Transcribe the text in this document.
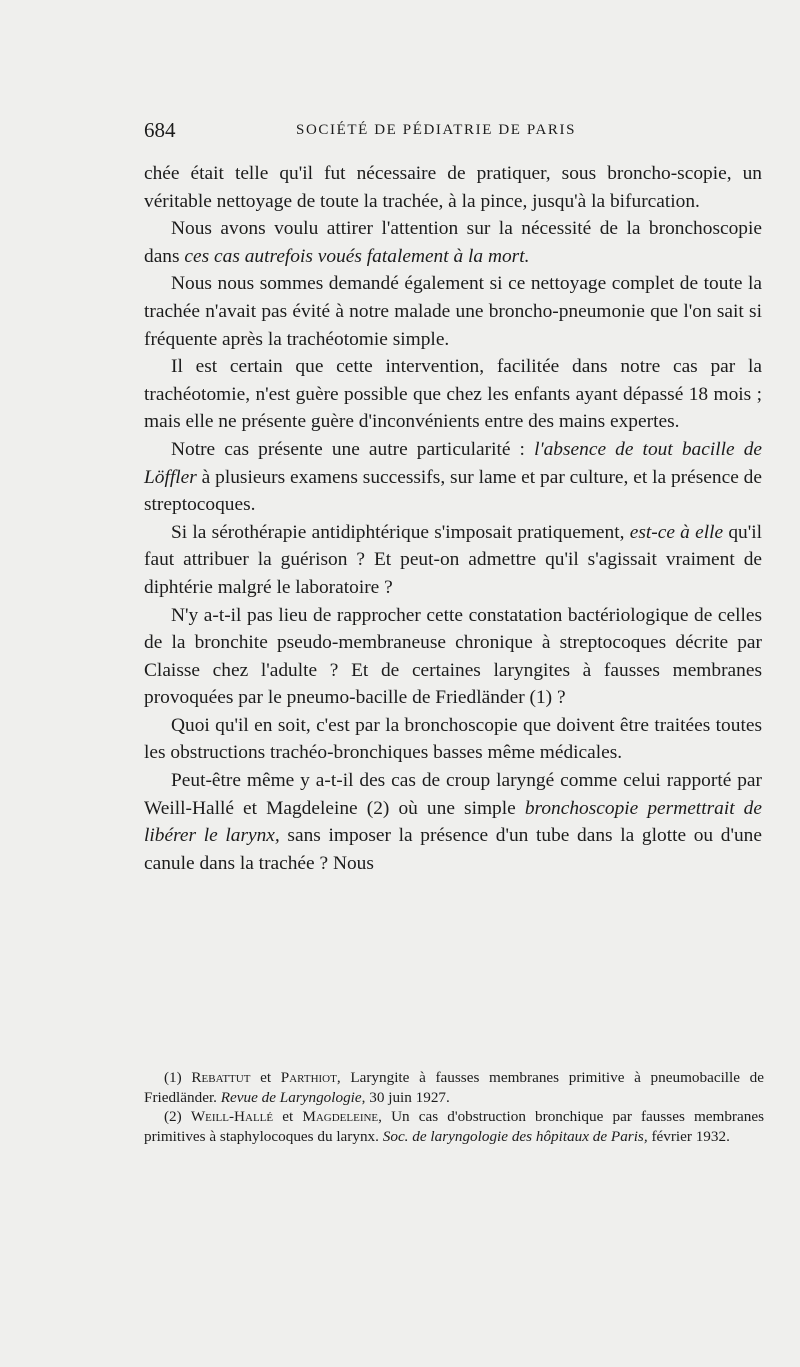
684	SOCIÉTÉ DE PÉDIATRIE DE PARIS

chée était telle qu'il fut nécessaire de pratiquer, sous broncho-scopie, un véritable nettoyage de toute la trachée, à la pince, jusqu'à la bifurcation.

Nous avons voulu attirer l'attention sur la nécessité de la bronchoscopie dans ces cas autrefois voués fatalement à la mort.

Nous nous sommes demandé également si ce nettoyage complet de toute la trachée n'avait pas évité à notre malade une broncho-pneumonie que l'on sait si fréquente après la trachéotomie simple.

Il est certain que cette intervention, facilitée dans notre cas par la trachéotomie, n'est guère possible que chez les enfants ayant dépassé 18 mois ; mais elle ne présente guère d'inconvénients entre des mains expertes.

Notre cas présente une autre particularité : l'absence de tout bacille de Löffler à plusieurs examens successifs, sur lame et par culture, et la présence de streptocoques.

Si la sérothérapie antidiphtérique s'imposait pratiquement, est-ce à elle qu'il faut attribuer la guérison ? Et peut-on admettre qu'il s'agissait vraiment de diphtérie malgré le laboratoire ?

N'y a-t-il pas lieu de rapprocher cette constatation bactériologique de celles de la bronchite pseudo-membraneuse chronique à streptocoques décrite par Claisse chez l'adulte ? Et de certaines laryngites à fausses membranes provoquées par le pneumo-bacille de Friedländer (1) ?

Quoi qu'il en soit, c'est par la bronchoscopie que doivent être traitées toutes les obstructions trachéo-bronchiques basses même médicales.

Peut-être même y a-t-il des cas de croup laryngé comme celui rapporté par Weill-Hallé et Magdeleine (2) où une simple bronchoscopie permettrait de libérer le larynx, sans imposer la présence d'un tube dans la glotte ou d'une canule dans la trachée ? Nous

(1) Rebattut et Parthiot, Laryngite à fausses membranes primitive à pneumobacille de Friedländer. Revue de Laryngologie, 30 juin 1927.

(2) Weill-Hallé et Magdeleine, Un cas d'obstruction bronchique par fausses membranes primitives à staphylocoques du larynx. Soc. de laryngologie des hôpitaux de Paris, février 1932.
